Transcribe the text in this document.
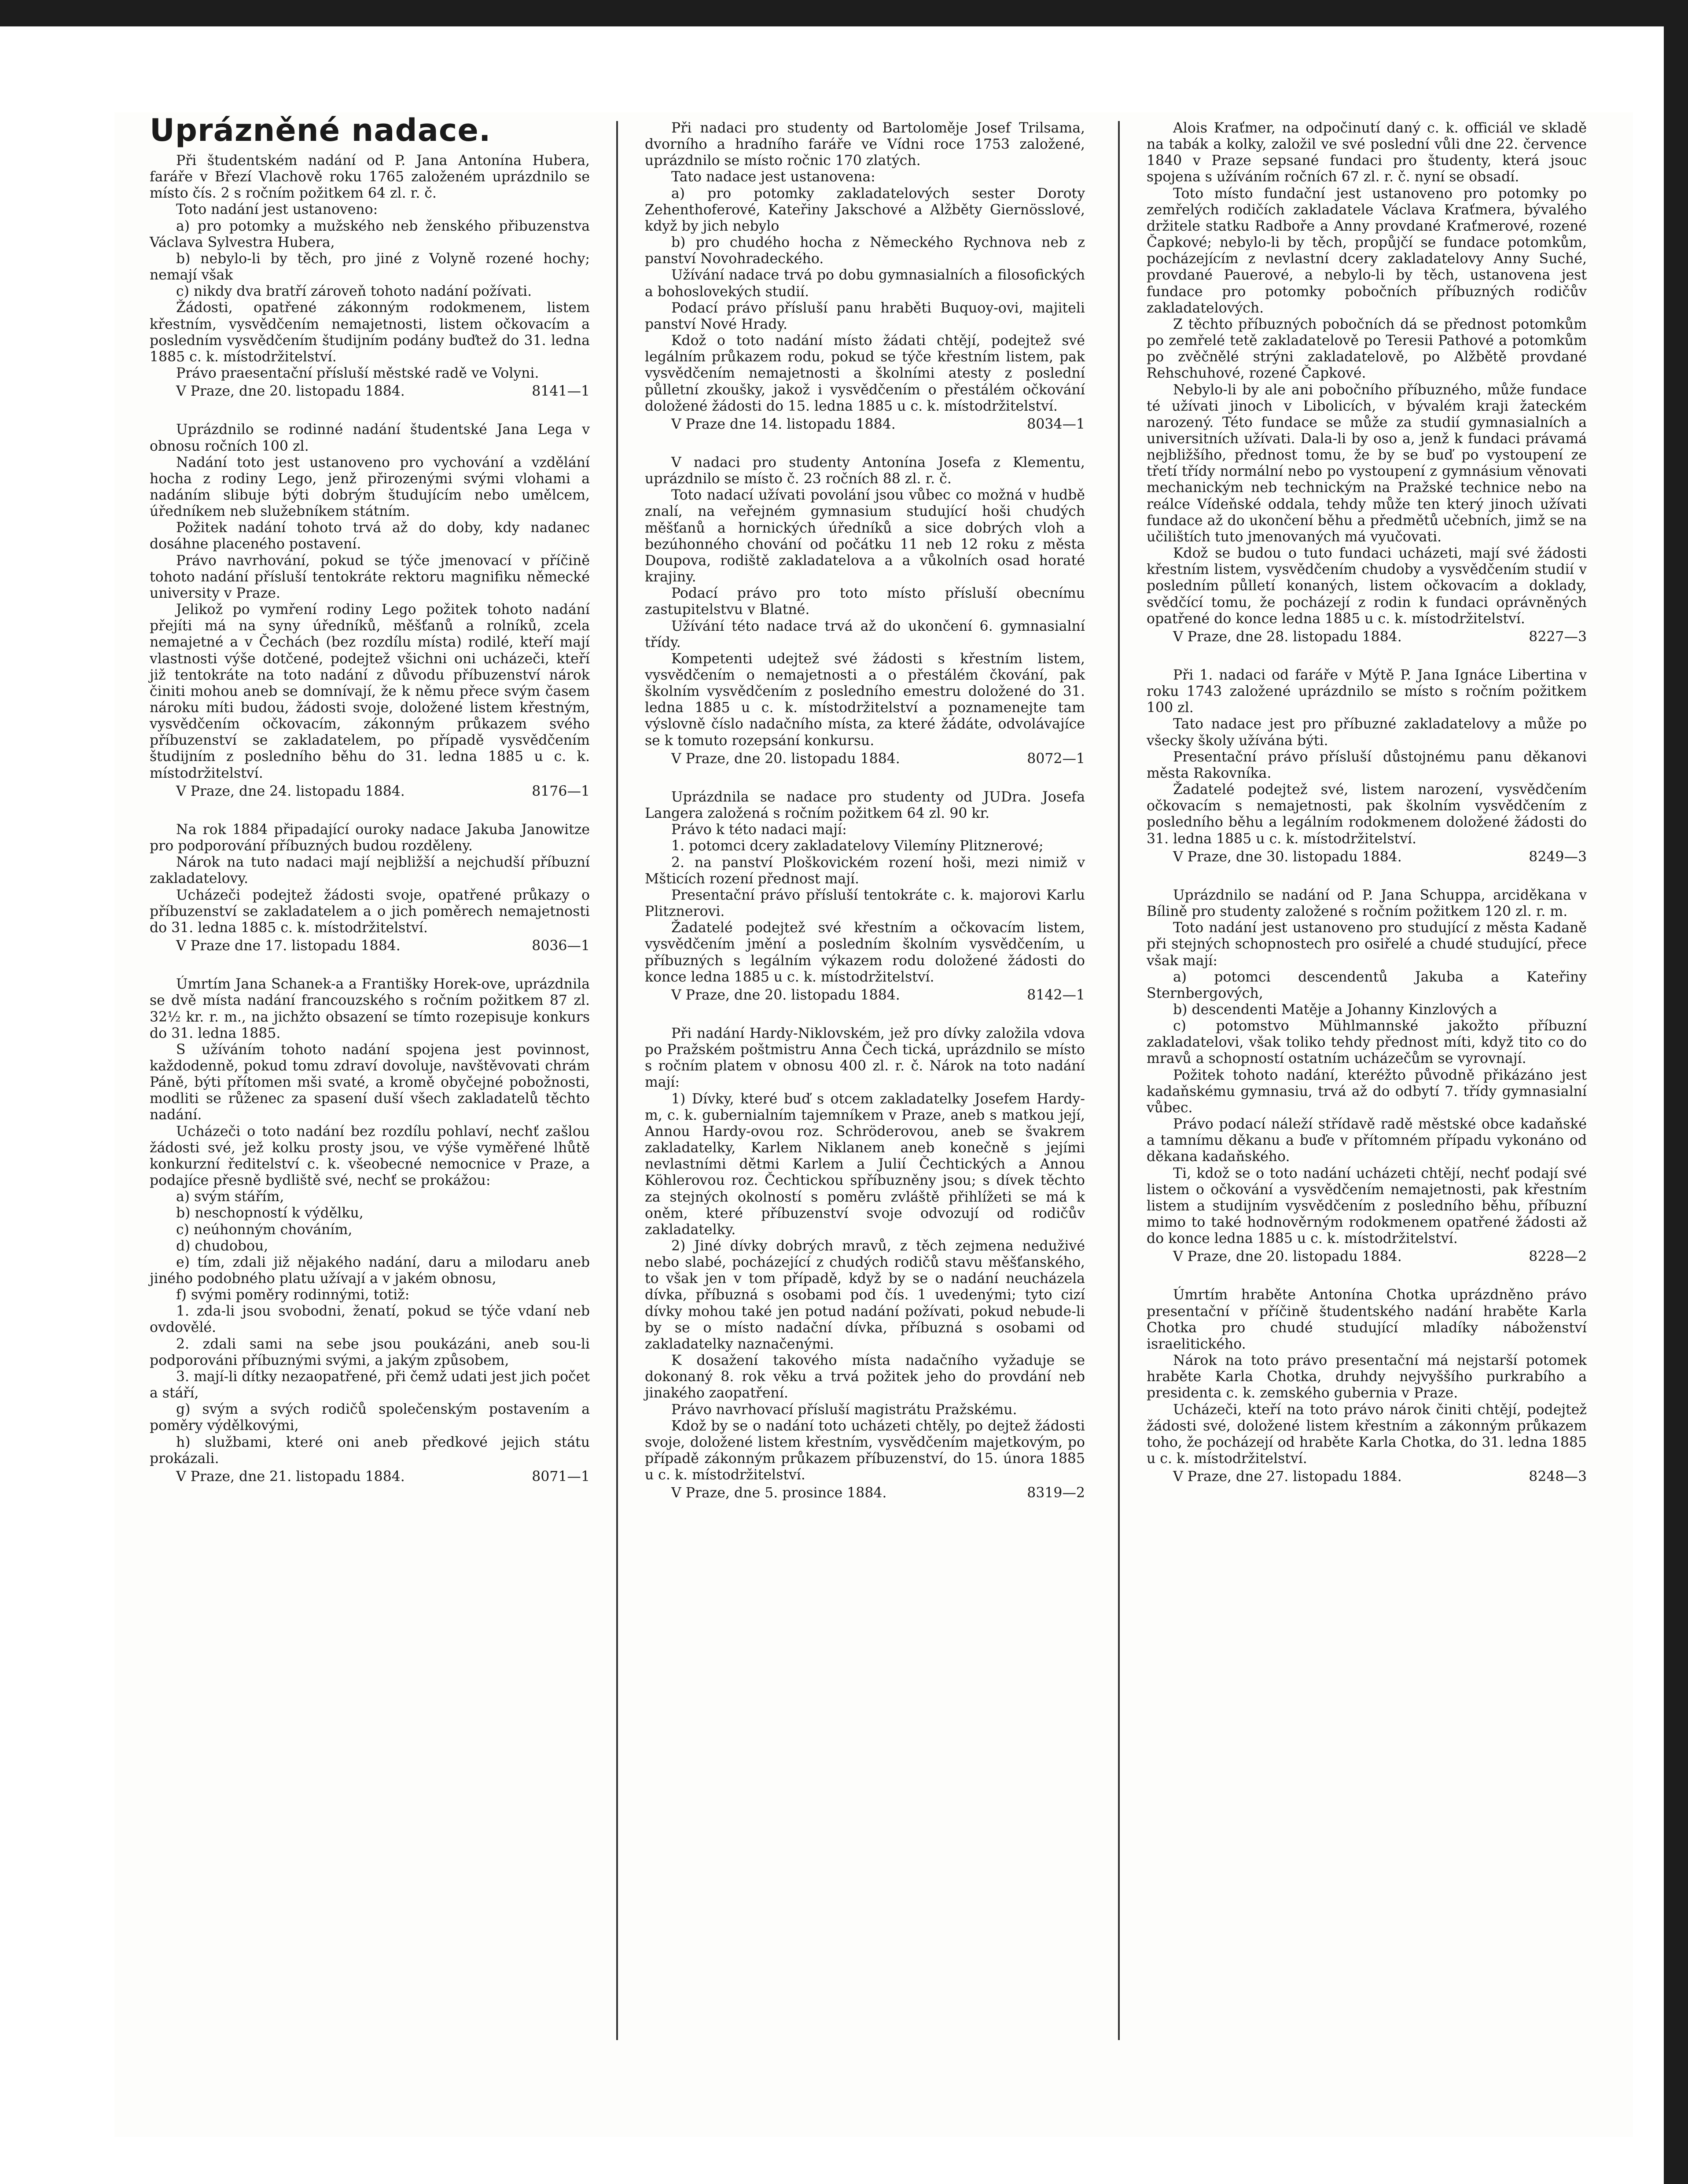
Uprázněné nadace.

Při študentském nadání od P. Jana Antonína Hubera, faráře v Březí Vlachově roku 1765 založeném uprázdnilo se místo čís. 2 s ročním požitkem 64 zl. r. č.

Toto nadání jest ustanoveno:

a) pro potomky a mužského neb ženského přibuzenstva Václava Sylvestra Hubera,

b) nebylo-li by těch, pro jiné z Volyně rozené hochy; nemají však

c) nikdy dva bratří zároveň tohoto nadání požívati.

Žádosti, opatřené zákonným rodokmenem, listem křestním, vysvědčením nemajetnosti, listem očkovacím a posledním vysvědčením študijním podány buďtež do 31. ledna 1885 c. k. místodržitelství.

Právo praesentační přísluší městské radě ve Volyni.

V Praze, dne 20. listopadu 1884.	8141—1

Uprázdnilo se rodinné nadání študentské Jana Lega v obnosu ročních 100 zl.

Nadání toto jest ustanoveno pro vychování a vzdělání hocha z rodiny Lego, jenž přirozenými svými vlohami a nadáním slibuje býti dobrým študujícím nebo umělcem, úředníkem neb služebníkem státním.

Požitek nadání tohoto trvá až do doby, kdy nadanec dosáhne placeného postavení.

Právo navrhování, pokud se týče jmenovací v příčině tohoto nadání přísluší tentokráte rektoru magnifiku německé university v Praze.

Jelikož po vymření rodiny Lego požitek tohoto nadání přejíti má na syny úředníků, měšťanů a rolníků, zcela nemajetné a v Čechách (bez rozdílu místa) rodilé, kteří mají vlastnosti výše dotčené, podejtež všichni oni ucházeči, kteří již tentokráte na toto nadání z důvodu příbuzenství nárok činiti mohou aneb se domnívají, že k němu přece svým časem nároku míti budou, žádosti svoje, doložené listem křestným, vysvědčením očkovacím, zákonným průkazem svého příbuzenství se zakladatelem, po případě vysvědčením študijním z posledního běhu do 31. ledna 1885 u c. k. místodržitelství.

V Praze, dne 24. listopadu 1884.	8176—1

Na rok 1884 připadající ouroky nadace Jakuba Janowitze pro podporování příbuzných budou rozděleny.

Nárok na tuto nadaci mají nejbližší a nejchudší příbuzní zakladatelovy.

Ucházeči podejtež žádosti svoje, opatřené průkazy o příbuzenství se zakladatelem a o jich poměrech nemajetnosti do 31. ledna 1885 c. k. místodržitelství.

V Praze dne 17. listopadu 1884.	8036—1

Úmrtím Jana Schanek-a a Františky Horek-ove, uprázdnila se dvě místa nadání francouzského s ročním požitkem 87 zl. 32½ kr. r. m., na jichžto obsazení se tímto rozepisuje konkurs do 31. ledna 1885.

S užíváním tohoto nadání spojena jest povinnost, každodenně, pokud tomu zdraví dovoluje, navštěvovati chrám Páně, býti přítomen mši svaté, a kromě obyčejné pobožnosti, modliti se růženec za spasení duší všech zakladatelů těchto nadání.

Ucházeči o toto nadání bez rozdílu pohlaví, nechť zašlou žádosti své, jež kolku prosty jsou, ve výše vyměřené lhůtě konkurzní ředitelství c. k. všeobecné nemocnice v Praze, a podajíce přesně bydliště své, nechť se prokážou:

a) svým stářím,

b) neschopností k výdělku,

c) neúhonným chováním,

d) chudobou,

e) tím, zdali již nějakého nadání, daru a milodaru aneb jiného podobného platu užívají a v jakém obnosu,

f) svými poměry rodinnými, totiž:

1. zda-li jsou svobodni, ženatí, pokud se týče vdaní neb ovdovělé.

2. zdali sami na sebe jsou poukázáni, aneb sou-li podporováni příbuznými svými, a jakým způsobem,

3. mají-li dítky nezaopatřené, při čemž udati jest jich počet a stáří,

g) svým a svých rodičů společenským postavením a poměry výdělkovými,

h) službami, které oni aneb předkové jejich státu prokázali.

V Praze, dne 21. listopadu 1884.	8071—1

Při nadaci pro studenty od Bartoloměje Josef Trilsama, dvorního a hradního faráře ve Vídni roce 1753 založené, uprázdnilo se místo ročnic 170 zlatých.

Tato nadace jest ustanovena:

a) pro potomky zakladatelových sester Doroty Zehenthoferové, Kateřiny Jakschové a Alžběty Giernösslové, když by jich nebylo

b) pro chudého hocha z Německého Rychnova neb z panství Novohradeckého.

Užívání nadace trvá po dobu gymnasialních a filosofických a bohoslovekých studií.

Podací právo přísluší panu hraběti Buquoy-ovi, majiteli panství Nové Hrady.

Kdož o toto nadání místo žádati chtějí, podejtež své legálním průkazem rodu, pokud se týče křestním listem, pak vysvědčením nemajetnosti a školními atesty z poslední půlletní zkoušky, jakož i vysvědčením o přestálém očkování doložené žádosti do 15. ledna 1885 u c. k. místodržitelství.

V Praze dne 14. listopadu 1884.	8034—1

V nadaci pro studenty Antonína Josefa z Klementu, uprázdnilo se místo č. 23 ročních 88 zl. r. č.

Toto nadací užívati povolání jsou vůbec co možná v hudbě znalí, na veřejném gymnasium studující hoši chudých měšťanů a hornických úředníků a sice dobrých vloh a bezúhonného chování od počátku 11 neb 12 roku z města Doupova, rodiště zakladatelova a a vůkolních osad horaté krajiny.

Podací právo pro toto místo přísluší obecnímu zastupitelstvu v Blatné.

Užívání této nadace trvá až do ukončení 6. gymnasialní třídy.

Kompetenti udejtež své žádosti s křestním listem, vysvědčením o nemajetnosti a o přestálém čkování, pak školním vysvědčením z posledního emestru doložené do 31. ledna 1885 u c. k. místodržitelství a poznamenejte tam výslovně číslo nadačního místa, za které žádáte, odvolávajíce se k tomuto rozepsání konkursu.

V Praze, dne 20. listopadu 1884.	8072—1

Uprázdnila se nadace pro studenty od JUDra. Josefa Langera založená s ročním požitkem 64 zl. 90 kr.

Právo k této nadaci mají:

1. potomci dcery zakladatelovy Vilemíny Plitznerové;

2. na panství Ploškovickém rození hoši, mezi nimiž v Mšticích rození přednost mají.

Presentační právo přísluší tentokráte c. k. majorovi Karlu Plitznerovi.

Žadatelé podejtež své křestním a očkovacím listem, vysvědčením jmění a posledním školním vysvědčením, u příbuzných s legálním výkazem rodu doložené žádosti do konce ledna 1885 u c. k. místodržitelství.

V Praze, dne 20. listopadu 1884.	8142—1

Při nadání Hardy-Niklovském, jež pro dívky založila vdova po Pražském poštmistru Anna Čech tická, uprázdnilo se místo s ročním platem v obnosu 400 zl. r. č. Nárok na toto nadání mají:

1) Dívky, které buď s otcem zakladatelky Josefem Hardy-m, c. k. gubernialním tajemníkem v Praze, aneb s matkou její, Annou Hardy-ovou roz. Schröderovou, aneb se švakrem zakladatelky, Karlem Niklanem aneb konečně s jejími nevlastními dětmi Karlem a Julií Čechtických a Annou Köhlerovou roz. Čechtickou spříbuzněny jsou; s dívek těchto za stejných okolností s poměru zvláště přihlížeti se má k oněm, které příbuzenství svoje odvozují od rodičův zakladatelky.

2) Jiné dívky dobrých mravů, z těch zejmena neduživé nebo slabé, pocházející z chudých rodičů stavu měšťanského, to však jen v tom případě, když by se o nadání neucházela dívka, příbuzná s osobami pod čís. 1 uvedenými; tyto cizí dívky mohou také jen potud nadání požívati, pokud nebude-li by se o místo nadační dívka, příbuzná s osobami od zakladatelky naznačenými.

K dosažení takového místa nadačního vyžaduje se dokonaný 8. rok věku a trvá požitek jeho do provdání neb jinakého zaopatření.

Právo navrhovací přísluší magistrátu Pražskému.

Kdož by se o nadání toto ucházeti chtěly, po dejtež žádosti svoje, doložené listem křestním, vysvědčením majetkovým, po případě zákonným průkazem příbuzenství, do 15. února 1885 u c. k. místodržitelství.

V Praze, dne 5. prosince 1884.	8319—2

Alois Kraťmer, na odpočinutí daný c. k. officiál ve skladě na tabák a kolky, založil ve své poslední vůli dne 22. července 1840 v Praze sepsané fundaci pro študenty, která jsouc spojena s užíváním ročních 67 zl. r. č. nyní se obsadí.

Toto místo fundační jest ustanoveno pro potomky po zemřelých rodičích zakladatele Václava Kraťmera, bývalého držitele statku Radboře a Anny provdané Kraťmerové, rozené Čapkové; nebylo-li by těch, propůjčí se fundace potomkům, pocházejícím z nevlastní dcery zakladatelovy Anny Suché, provdané Pauerové, a nebylo-li by těch, ustanovena jest fundace pro potomky pobočních příbuzných rodičův zakladatelových.

Z těchto příbuzných pobočních dá se přednost potomkům po zemřelé tetě zakladatelově po Teresii Pathové a potomkům po zvěčnělé strýni zakladatelově, po Alžbětě provdané Rehschuhové, rozené Čapkové.

Nebylo-li by ale ani pobočního příbuzného, může fundace té užívati jinoch v Libolicích, v bývalém kraji žateckém narozený. Této fundace se může za studií gymnasialních a universitních užívati. Dala-li by oso a, jenž k fundaci právamá nejbližšího, přednost tomu, že by se buď po vystoupení ze třetí třídy normální nebo po vystoupení z gymnásium věnovati mechanickým neb technickým na Pražské technice nebo na reálce Vídeňské oddala, tehdy může ten který jinoch užívati fundace až do ukončení běhu a předmětů učebních, jimž se na učilištích tuto jmenovaných má vyučovati.

Kdož se budou o tuto fundaci ucházeti, mají své žádosti křestním listem, vysvědčením chudoby a vysvědčením studií v posledním půlletí konaných, listem očkovacím a doklady, svědčící tomu, že pocházejí z rodin k fundaci oprávněných opatřené do konce ledna 1885 u c. k. místodržitelství.

V Praze, dne 28. listopadu 1884.	8227—3

Při 1. nadaci od faráře v Mýtě P. Jana Ignáce Libertina v roku 1743 založené uprázdnilo se místo s ročním požitkem 100 zl.

Tato nadace jest pro příbuzné zakladatelovy a může po všecky školy užívána býti.

Presentační právo přísluší důstojnému panu děkanovi města Rakovníka.

Žadatelé podejtež své, listem narození, vysvědčením očkovacím s nemajetnosti, pak školním vysvědčením z posledního běhu a legálním rodokmenem doložené žádosti do 31. ledna 1885 u c. k. místodržitelství.

V Praze, dne 30. listopadu 1884.	8249—3

Uprázdnilo se nadání od P. Jana Schuppa, arciděkana v Bílině pro studenty založené s ročním požitkem 120 zl. r. m.

Toto nadání jest ustanoveno pro studující z města Kadaně při stejných schopnostech pro osiřelé a chudé studující, přece však mají:

a) potomci descendentů Jakuba a Kateřiny Sternbergových,

b) descendenti Matěje a Johanny Kinzlových a

c) potomstvo Mühlmannské jakožto příbuzní zakladatelovi, však toliko tehdy přednost míti, když tito co do mravů a schopností ostatním ucházečům se vyrovnají.

Požitek tohoto nadání, kteréžto původně přikázáno jest kadaňskému gymnasiu, trvá až do odbytí 7. třídy gymnasialní vůbec.

Právo podací náleží střídavě radě městské obce kadaňské a tamnímu děkanu a buďe v přítomném případu vykonáno od děkana kadaňského.

Ti, kdož se o toto nadání ucházeti chtějí, nechť podají své listem o očkování a vysvědčením nemajetnosti, pak křestním listem a studijním vysvědčením z posledního běhu, příbuzní mimo to také hodnověrným rodokmenem opatřené žádosti až do konce ledna 1885 u c. k. místodržitelství.

V Praze, dne 20. listopadu 1884.	8228—2

Úmrtím hraběte Antonína Chotka uprázdněno právo presentační v příčině študentského nadání hraběte Karla Chotka pro chudé studující mladíky náboženství israelitického.

Nárok na toto právo presentační má nejstarší potomek hraběte Karla Chotka, druhdy nejvyššího purkrabího a presidenta c. k. zemského gubernia v Praze.

Ucházeči, kteří na toto právo nárok činiti chtějí, podejtež žádosti své, doložené listem křestním a zákonným průkazem toho, že pocházejí od hraběte Karla Chotka, do 31. ledna 1885 u c. k. místodržitelství.

V Praze, dne 27. listopadu 1884.	8248—3
